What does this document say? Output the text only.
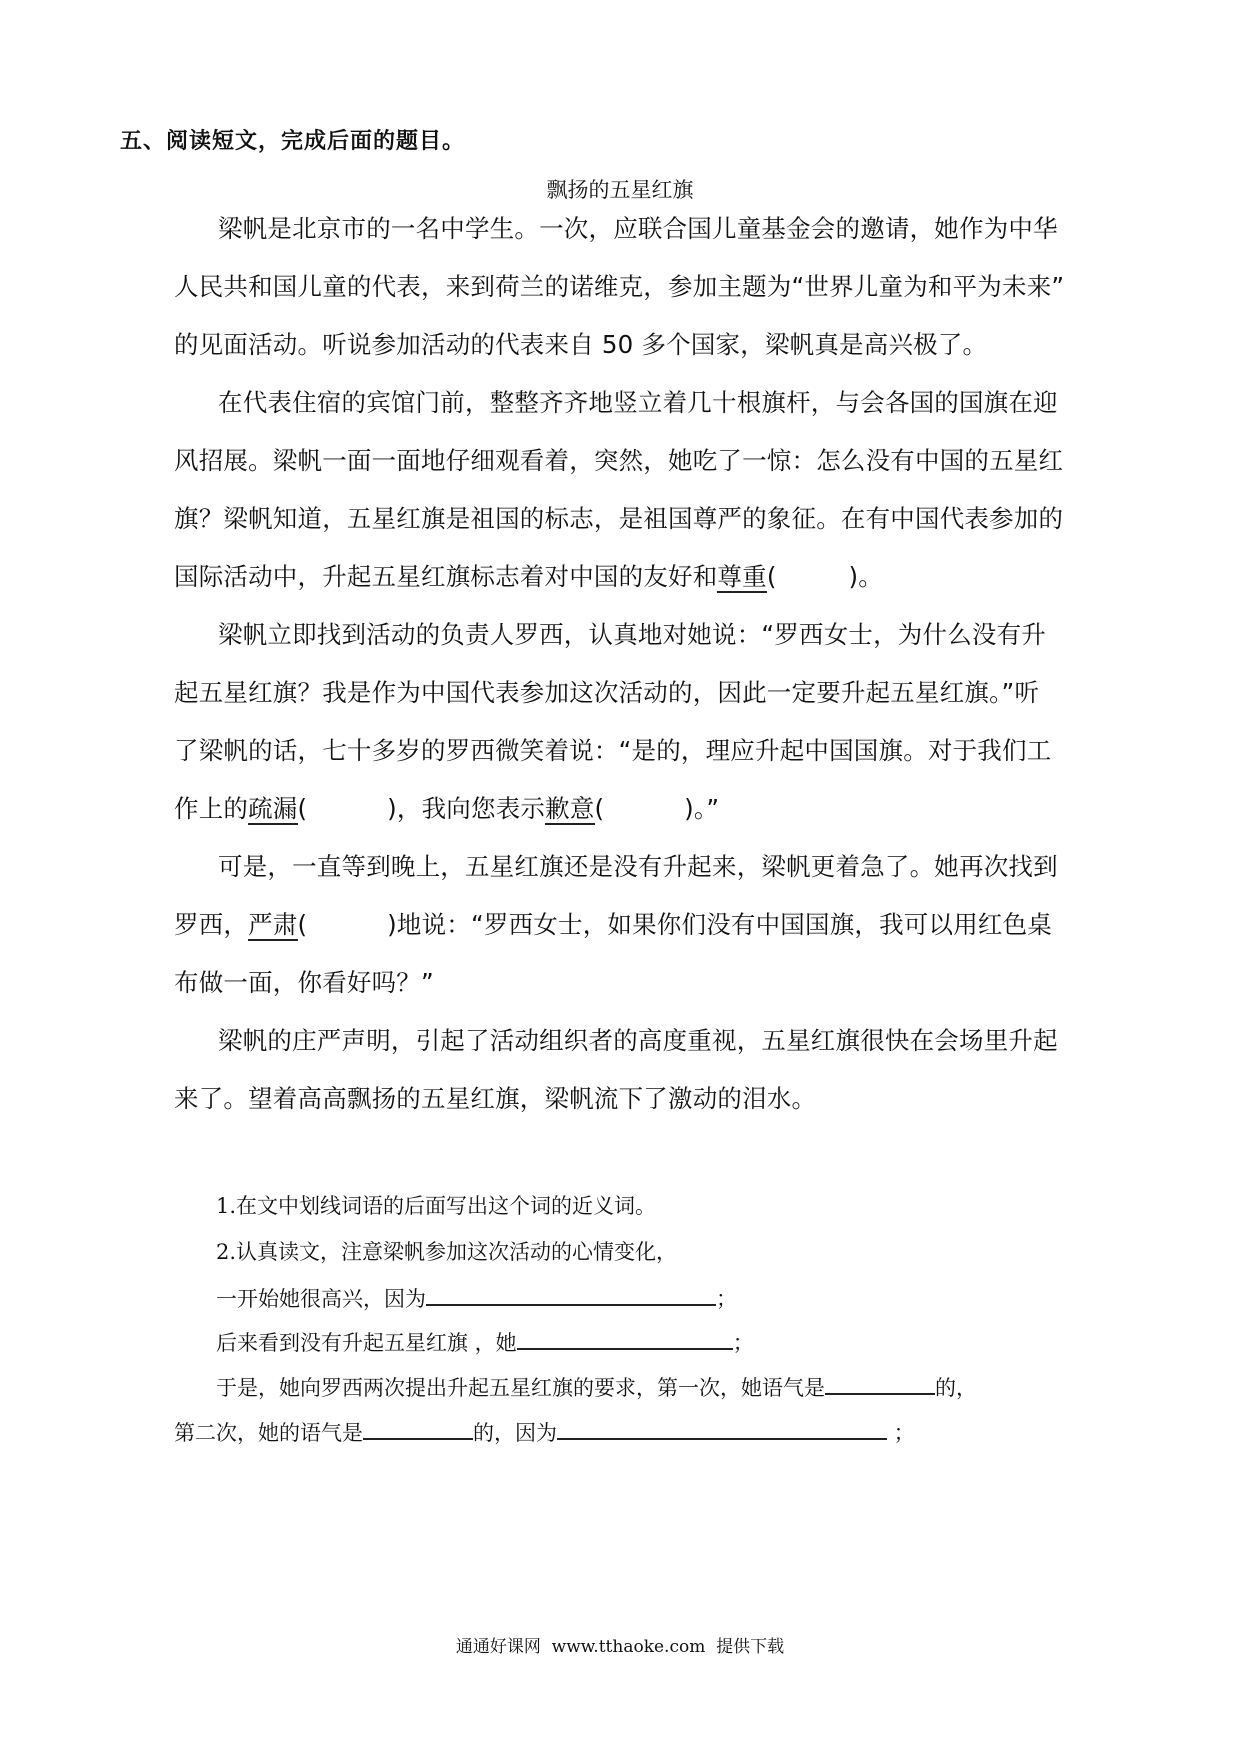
五、阅读短文，完成后面的题目。
飘扬的五星红旗
梁帆是北京市的一名中学生。一次，应联合国儿童基金会的邀请，她作为中华
人民共和国儿童的代表，来到荷兰的诺维克，参加主题为“世界儿童为和平为未来”
的见面活动。听说参加活动的代表来自 50 多个国家，梁帆真是高兴极了。
在代表住宿的宾馆门前，整整齐齐地竖立着几十根旗杆，与会各国的国旗在迎
风招展。梁帆一面一面地仔细观看着，突然，她吃了一惊：怎么没有中国的五星红
旗？梁帆知道，五星红旗是祖国的标志，是祖国尊严的象征。在有中国代表参加的
国际活动中，升起五星红旗标志着对中国的友好和尊重(         )。
梁帆立即找到活动的负责人罗西，认真地对她说：“罗西女士，为什么没有升
起五星红旗？我是作为中国代表参加这次活动的，因此一定要升起五星红旗。”听
了梁帆的话，七十多岁的罗西微笑着说：“是的，理应升起中国国旗。对于我们工
作上的疏漏(          )，我向您表示歉意(          )。”
可是，一直等到晚上，五星红旗还是没有升起来，梁帆更着急了。她再次找到
罗西，严肃(          )地说：“罗西女士，如果你们没有中国国旗，我可以用红色桌
布做一面，你看好吗？”
梁帆的庄严声明，引起了活动组织者的高度重视，五星红旗很快在会场里升起
来了。望着高高飘扬的五星红旗，梁帆流下了激动的泪水。
1.在文中划线词语的后面写出这个词的近义词。
2.认真读文，注意梁帆参加这次活动的心情变化，
一开始她很高兴，因为	；
后来看到没有升起五星红旗 ，她	；
于是，她向罗西两次提出升起五星红旗的要求，第一次，她语气是	的，
第二次，她的语气是	的，因为	；
通通好课网  www.tthaoke.com  提供下载
